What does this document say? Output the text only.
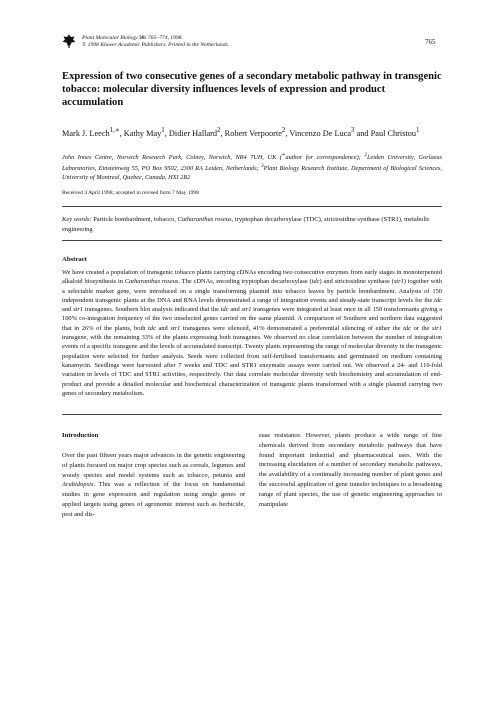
Plant Molecular Biology 38: 765–774, 1998.
© 1998 Kluwer Academic Publishers. Printed in the Netherlands.	765
Expression of two consecutive genes of a secondary metabolic pathway in transgenic tobacco: molecular diversity influences levels of expression and product accumulation
Mark J. Leech$^{1,∗}$, Kathy May$^1$, Didier Hallard$^2$, Robert Verpoorte$^2$, Vincenzo De Luca$^3$ and Paul Christou$^1$
John Innes Centre, Norwich Research Park, Colney, Norwich, NR4 7UH, UK (∗author for correspondence); $^2$Leiden University, Gorlaeus Laboratories, Einsteinweg 55, PO Box 9502, 2300 RA Leiden, Netherlands; $^3$Plant Biology Research Institute, Department of Biological Sciences, University of Montreal, Quebec, Canada, HXI 2B2
Received 3 April 1998; accepted in revised form 7 May 1998
Key words: Particle bombardment, tobacco, Catharanthus roseus, tryptophan decarboxylase (TDC), strictosidine synthase (STR1), metabolic engineering
Abstract
We have created a population of transgenic tobacco plants carrying cDNAs encoding two consecutive enzymes from early stages in monoterpenoid alkaloid biosynthesis in Catharanthus roseus. The cDNAs, encoding tryptophan decarboxylase (tdc) and strictosidine synthase (str1) together with a selectable marker gene, were introduced on a single transforming plasmid into tobacco leaves by particle bombardment. Analysis of 150 independent transgenic plants at the DNA and RNA levels demonstrated a range of integration events and steady-state transcript levels for the tdc and str1 transgenes. Southern blot analysis indicated that the tdc and str1 transgenes were integrated at least once in all 150 transformants giving a 100% co-integration frequency of the two unselected genes carried on the same plasmid. A comparison of Southern and northern data suggested that in 26% of the plants, both tdc and str1 transgenes were silenced, 41% demonstrated a preferential silencing of either the tdc or the str1 transgene, with the remaining 33% of the plants expressing both transgenes. We observed no clear correlation between the number of integration events of a specific transgene and the levels of accumulated transcript. Twenty plants representing the range of molecular diversity in the transgenic population were selected for further analysis. Seeds were collected from self-fertilised transformants and germinated on medium containing kanamycin. Seedlings were harvested after 7 weeks and TDC and STR1 enzymatic assays were carried out. We observed a 24- and 110-fold variation in levels of TDC and STR1 activities, respectively. Our data correlate molecular diversity with biochemistry and accumulation of end-product and provide a detailed molecular and biochemical characterization of transgenic plants transformed with a single plasmid carrying two genes of secondary metabolism.
Introduction
Over the past fifteen years major advances in the genetic engineering of plants focused on major crop species such as cereals, legumes and woody species and model systems such as tobacco, petunia and Arabidopsis. This was a reflection of the focus on fundamental studies in gene expression and regulation using single genes or applied targets using genes of agronomic interest such as herbicide, pest and dis-
ease resistance. However, plants produce a wide range of fine chemicals derived from secondary metabolic pathways that have found important industrial and pharmaceutical uses. With the increasing elucidation of a number of secondary metabolic pathways, the availability of a continually increasing number of plant genes and the successful application of gene transfer techniques to a broadening range of plant species, the use of genetic engineering approaches to manipulate
